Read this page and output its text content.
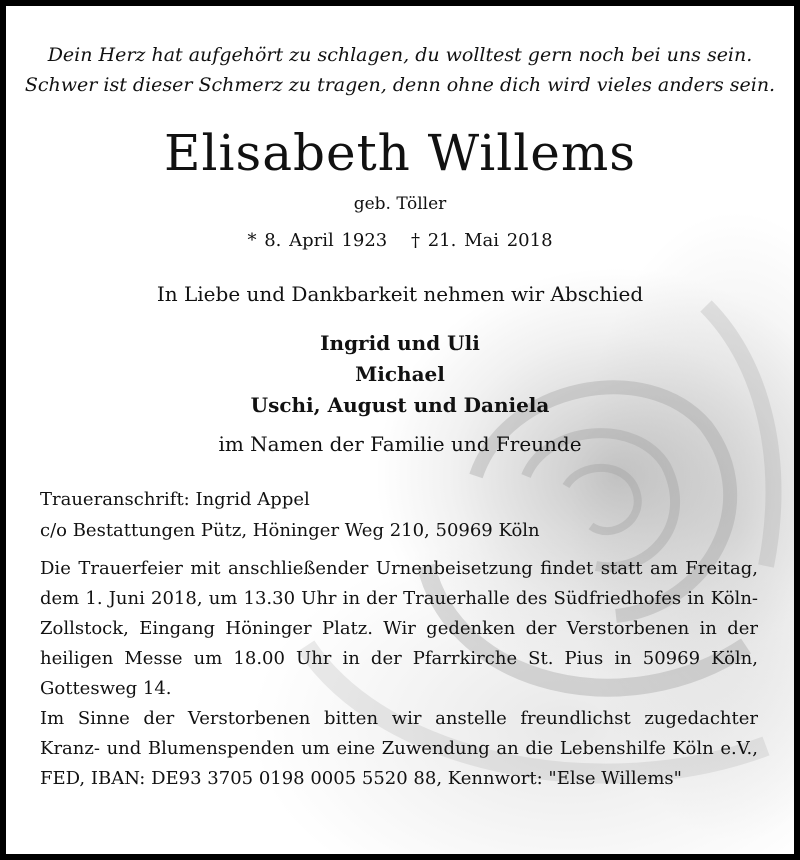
Dein Herz hat aufgehört zu schlagen, du wolltest gern noch bei uns sein.
Schwer ist dieser Schmerz zu tragen, denn ohne dich wird vieles anders sein.
Elisabeth Willems
geb. Töller
* 8. April 1923 † 21. Mai 2018
In Liebe und Dankbarkeit nehmen wir Abschied
Ingrid und Uli
Michael
Uschi, August und Daniela
im Namen der Familie und Freunde
Traueranschrift: Ingrid Appel
c/o Bestattungen Pütz, Höninger Weg 210, 50969 Köln

Die Trauerfeier mit anschließender Urnenbeisetzung findet statt am Freitag, dem 1. Juni 2018, um 13.30 Uhr in der Trauerhalle des Südfriedhofes in Köln-Zollstock, Eingang Höninger Platz. Wir gedenken der Verstorbenen in der heiligen Messe um 18.00 Uhr in der Pfarrkirche St. Pius in 50969 Köln, Gottesweg 14.

Im Sinne der Verstorbenen bitten wir anstelle freundlichst zugedachter Kranz- und Blumenspenden um eine Zuwendung an die Lebenshilfe Köln e.V., FED, IBAN: DE93 3705 0198 0005 5520 88, Kennwort: "Else Willems"
